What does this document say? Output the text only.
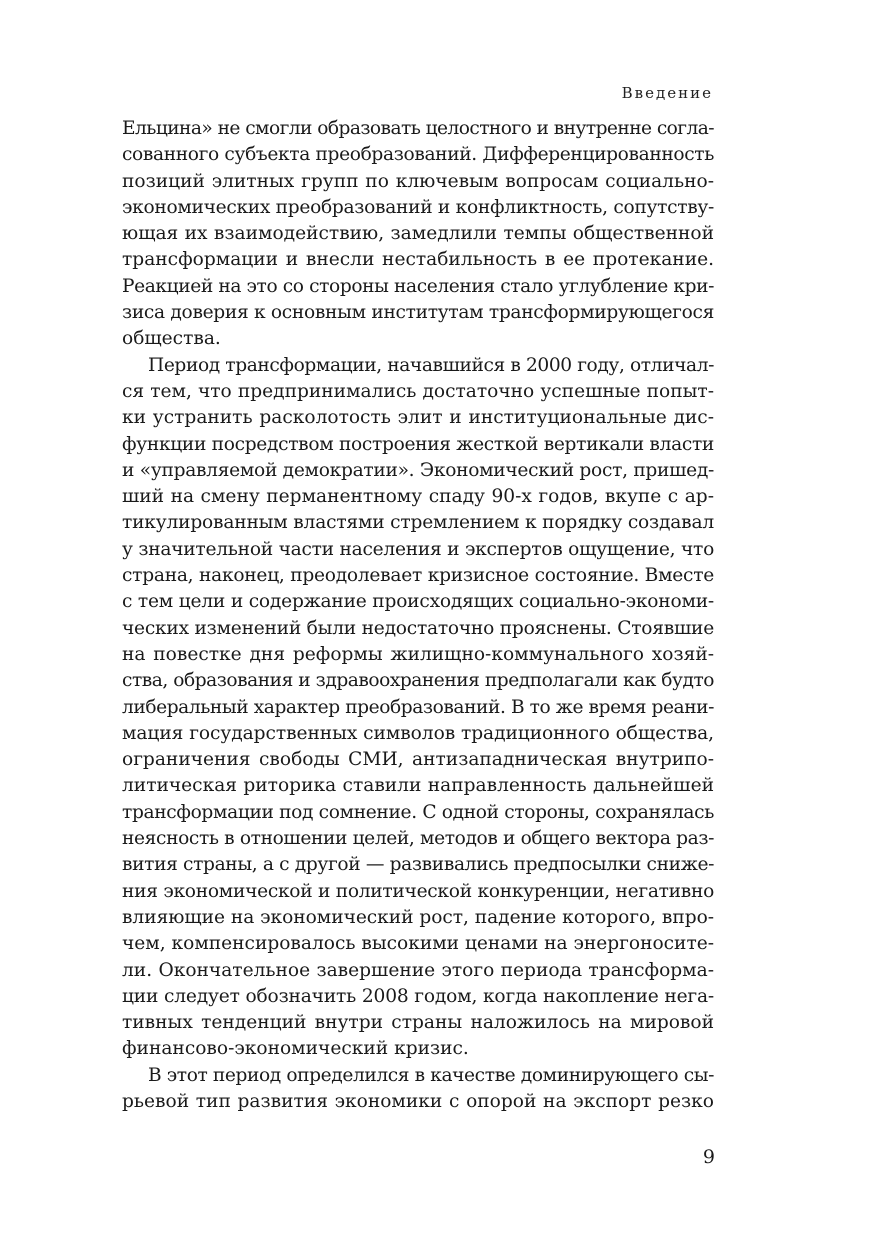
Введение
Ельцина» не смогли образовать целостного и внутренне согла-
сованного субъекта преобразований. Дифференцированность
позиций элитных групп по ключевым вопросам социально-
экономических преобразований и конфликтность, сопутству-
ющая их взаимодействию, замедлили темпы общественной
трансформации и внесли нестабильность в ее протекание.
Реакцией на это со стороны населения стало углубление кри-
зиса доверия к основным институтам трансформирующегося
общества.
Период трансформации, начавшийся в 2000 году, отличал-
ся тем, что предпринимались достаточно успешные попыт-
ки устранить расколотость элит и институциональные дис-
функции посредством построения жесткой вертикали власти
и «управляемой демократии». Экономический рост, пришед-
ший на смену перманентному спаду 90-х годов, вкупе с ар-
тикулированным властями стремлением к порядку создавал
у значительной части населения и экспертов ощущение, что
страна, наконец, преодолевает кризисное состояние. Вместе
с тем цели и содержание происходящих социально-экономи-
ческих изменений были недостаточно прояснены. Стоявшие
на повестке дня реформы жилищно-коммунального хозяй-
ства, образования и здравоохранения предполагали как будто
либеральный характер преобразований. В то же время реани-
мация государственных символов традиционного общества,
ограничения свободы СМИ, антизападническая внутрипо-
литическая риторика ставили направленность дальнейшей
трансформации под сомнение. С одной стороны, сохранялась
неясность в отношении целей, методов и общего вектора раз-
вития страны, а с другой — развивались предпосылки сниже-
ния экономической и политической конкуренции, негативно
влияющие на экономический рост, падение которого, впро-
чем, компенсировалось высокими ценами на энергоносите-
ли. Окончательное завершение этого периода трансформа-
ции следует обозначить 2008 годом, когда накопление нега-
тивных тенденций внутри страны наложилось на мировой
финансово-экономический кризис.
В этот период определился в качестве доминирующего сы-
рьевой тип развития экономики с опорой на экспорт резко
9
